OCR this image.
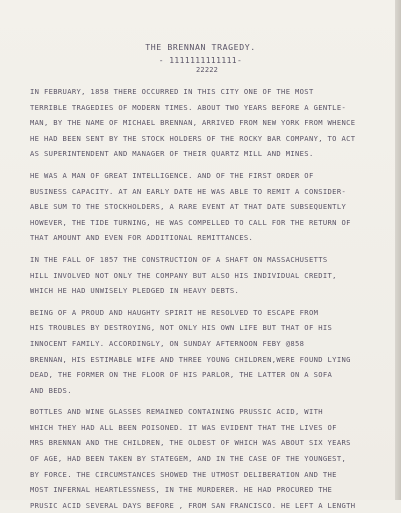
THE BRENNAN TRAGEDY.
- 1111111111111-
22222
IN FEBRUARY, 1858 THERE OCCURRED IN THIS CITY ONE OF THE MOST
TERRIBLE TRAGEDIES OF MODERN TIMES. ABOUT TWO YEARS BEFORE A GENTLE-
MAN, BY THE NAME OF MICHAEL BRENNAN, ARRIVED FROM NEW YORK FROM WHENCE
HE HAD BEEN SENT BY THE STOCK HOLDERS OF THE ROCKY BAR COMPANY, TO ACT
AS SUPERINTENDENT AND MANAGER OF THEIR QUARTZ MILL AND MINES.
HE WAS A MAN OF GREAT INTELLIGENCE. AND OF THE FIRST ORDER OF
BUSINESS CAPACITY. AT AN EARLY DATE HE WAS ABLE TO REMIT A CONSIDER-
ABLE SUM TO THE STOCKHOLDERS, A RARE EVENT AT THAT DATE SUBSEQUENTLY
HOWEVER, THE TIDE TURNING, HE WAS COMPELLED TO CALL FOR THE RETURN OF
THAT AMOUNT AND EVEN FOR ADDITIONAL REMITTANCES.
IN THE FALL OF 1857 THE CONSTRUCTION OF A SHAFT ON MASSACHUSETTS
HILL INVOLVED NOT ONLY THE COMPANY BUT ALSO HIS INDIVIDUAL CREDIT,
WHICH HE HAD UNWISELY PLEDGED IN HEAVY DEBTS.
BEING OF A PROUD AND HAUGHTY SPIRIT HE RESOLVED TO ESCAPE FROM
HIS TROUBLES BY DESTROYING, NOT ONLY HIS OWN LIFE BUT THAT OF HIS
INNOCENT FAMILY. ACCORDINGLY, ON SUNDAY AFTERNOON FEBY @858
BRENNAN, HIS ESTIMABLE WIFE AND THREE YOUNG CHILDREN,WERE FOUND LYING
DEAD, THE FORMER ON THE FLOOR OF HIS PARLOR, THE LATTER ON A SOFA
AND BEDS.
BOTTLES AND WINE GLASSES REMAINED CONTAINING PRUSSIC ACID, WITH
WHICH THEY HAD ALL BEEN POISONED. IT WAS EVIDENT THAT THE LIVES OF
MRS BRENNAN AND THE CHILDREN, THE OLDEST OF WHICH WAS ABOUT SIX YEARS
OF AGE, HAD BEEN TAKEN BY STATEGEM, AND IN THE CASE OF THE YOUNGEST,
BY FORCE. THE CIRCUMSTANCES SHOWED THE UTMOST DELIBERATION AND THE
MOST INFERNAL HEARTLESSNESS, IN THE MURDERER. HE HAD PROCURED THE
PRUSIC ACID SEVERAL DAYS BEFORE , FROM SAN FRANCISCO. HE LEFT A LENGTH
